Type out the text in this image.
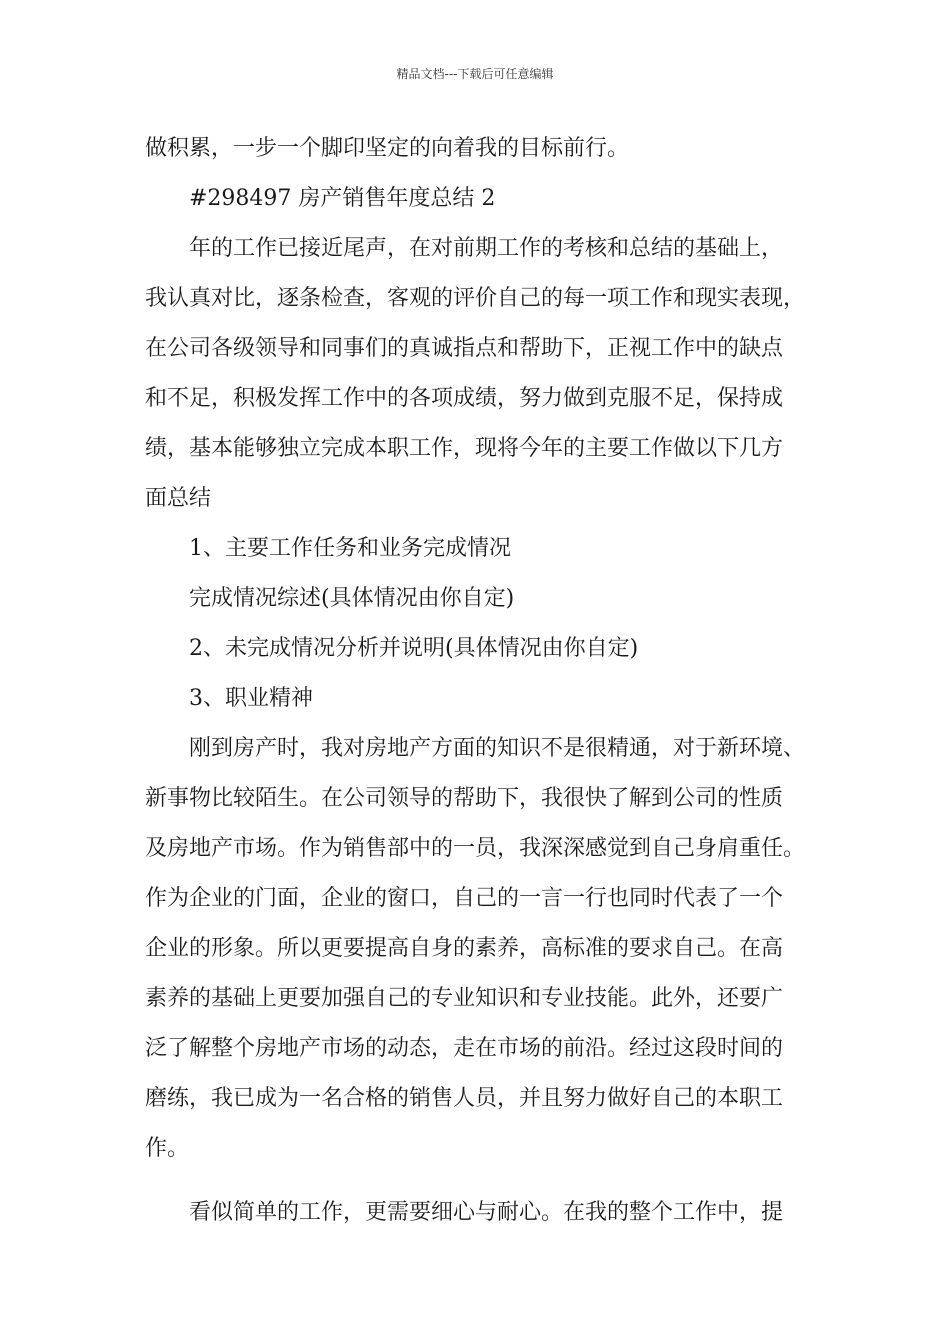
精品文档---下载后可任意编辑
做积累，一步一个脚印坚定的向着我的目标前行。
#298497 房产销售年度总结 2
年的工作已接近尾声，在对前期工作的考核和总结的基础上，
我认真对比，逐条检查，客观的评价自己的每一项工作和现实表现，
在公司各级领导和同事们的真诚指点和帮助下，正视工作中的缺点
和不足，积极发挥工作中的各项成绩，努力做到克服不足，保持成
绩，基本能够独立完成本职工作，现将今年的主要工作做以下几方
面总结
1、主要工作任务和业务完成情况
完成情况综述(具体情况由你自定)
2、未完成情况分析并说明(具体情况由你自定)
3、职业精神
刚到房产时，我对房地产方面的知识不是很精通，对于新环境、
新事物比较陌生。在公司领导的帮助下，我很快了解到公司的性质
及房地产市场。作为销售部中的一员，我深深感觉到自己身肩重任。
作为企业的门面，企业的窗口，自己的一言一行也同时代表了一个
企业的形象。所以更要提高自身的素养，高标准的要求自己。在高
素养的基础上更要加强自己的专业知识和专业技能。此外，还要广
泛了解整个房地产市场的动态，走在市场的前沿。经过这段时间的
磨练，我已成为一名合格的销售人员，并且努力做好自己的本职工
作。
看似简单的工作，更需要细心与耐心。在我的整个工作中，提
